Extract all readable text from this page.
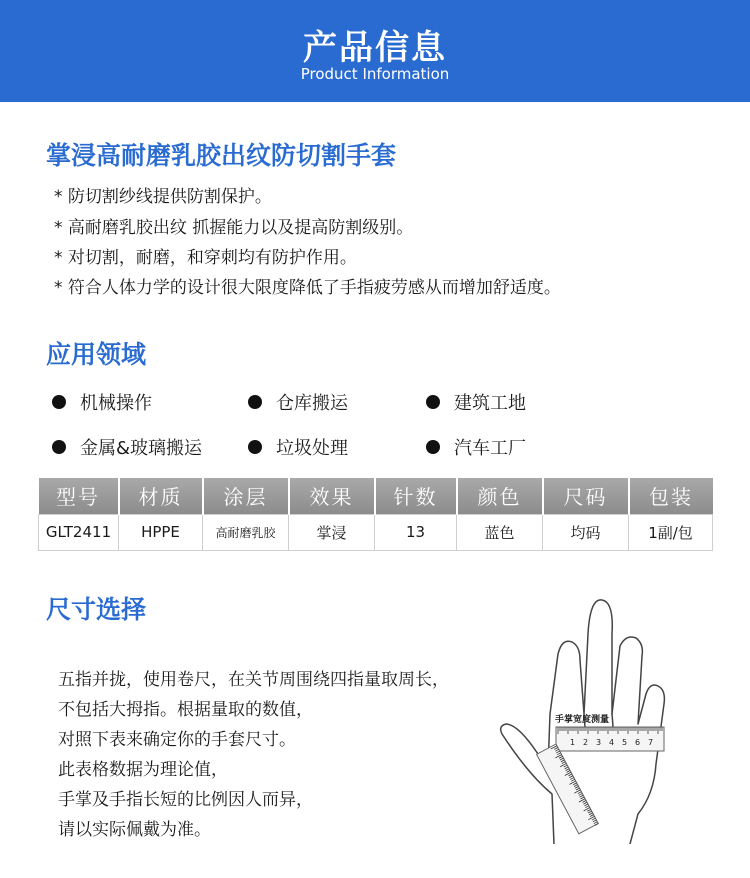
产品信息
Product Information
掌浸高耐磨乳胶出纹防切割手套
* 防切割纱线提供防割保护。
* 高耐磨乳胶出纹 抓握能力以及提高防割级别。
* 对切割，耐磨，和穿刺均有防护作用。
* 符合人体力学的设计很大限度降低了手指疲劳感从而增加舒适度。
应用领域
机械操作	仓库搬运	建筑工地
金属&玻璃搬运	垃圾处理	汽车工厂
型号	材质	涂层	效果	针数	颜色	尺码	包装
GLT2411	HPPE	高耐磨乳胶	掌浸	13	蓝色	均码	1副/包
尺寸选择
五指并拢，使用卷尺，在关节周围绕四指量取周长，
不包括大拇指。根据量取的数值，
对照下表来确定你的手套尺寸。
此表格数据为理论值，
手掌及手指长短的比例因人而异，
请以实际佩戴为准。
手掌宽度测量
1 2 3 4 5 6 7
